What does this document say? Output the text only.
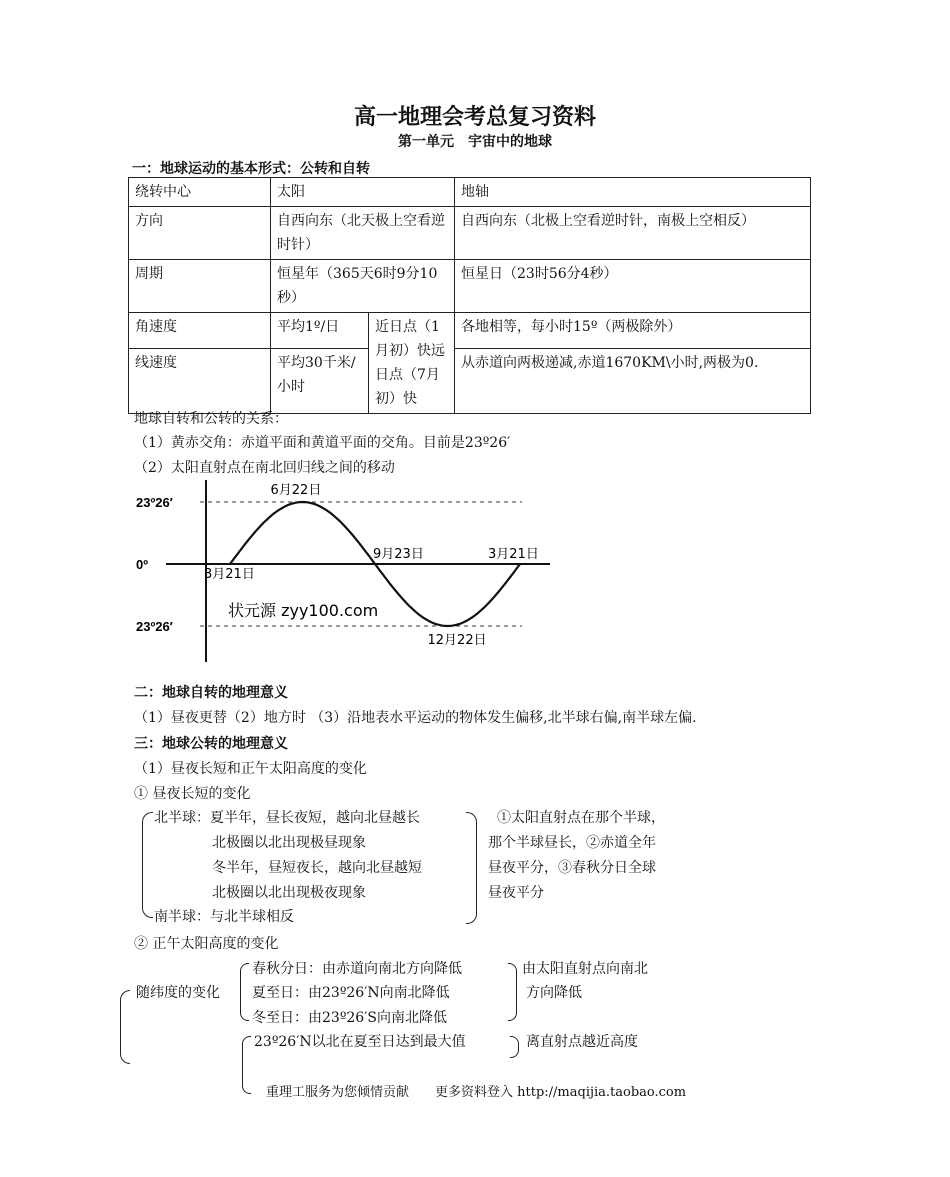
高一地理会考总复习资料
第一单元　宇宙中的地球
一：地球运动的基本形式：公转和自转
绕转中心	太阳		地轴
方向	自西向东（北天极上空看逆时针）		自西向东（北极上空看逆时针，南极上空相反）
周期	恒星年（365天6时9分10秒）		恒星日（23时56分4秒）
角速度	平均1º/日	近日点（1月初）快远日点（7月初）快	各地相等，每小时15º（两极除外）
线速度	平均30千米/小时		从赤道向两极递减,赤道1670KM\小时,两极为0.
地球自转和公转的关系：
（1）黄赤交角：赤道平面和黄道平面的交角。目前是23º26′
（2）太阳直射点在南北回归线之间的移动
23º26′
0º
23º26′
3月21日
6月22日
9月23日
12月22日
3月21日
状元源 zyy100.com
二：地球自转的地理意义
（1）昼夜更替（2）地方时 （3）沿地表水平运动的物体发生偏移,北半球右偏,南半球左偏.
三：地球公转的地理意义
（1）昼夜长短和正午太阳高度的变化
① 昼夜长短的变化
北半球：夏半年，昼长夜短，越向北昼越长
北极圈以北出现极昼现象
冬半年，昼短夜长，越向北昼越短
北极圈以北出现极夜现象
南半球：与北半球相反
①太阳直射点在那个半球，
那个半球昼长，②赤道全年
昼夜平分，③春秋分日全球
昼夜平分
② 正午太阳高度的变化
随纬度的变化
春秋分日：由赤道向南北方向降低
夏至日：由23º26′N向南北降低
冬至日：由23º26′S向南北降低
由太阳直射点向南北
方向降低
23º26′N以北在夏至日达到最大值	离直射点越近高度
重理工服务为您倾情贡献　　更多资料登入 http://maqijia.taobao.com
